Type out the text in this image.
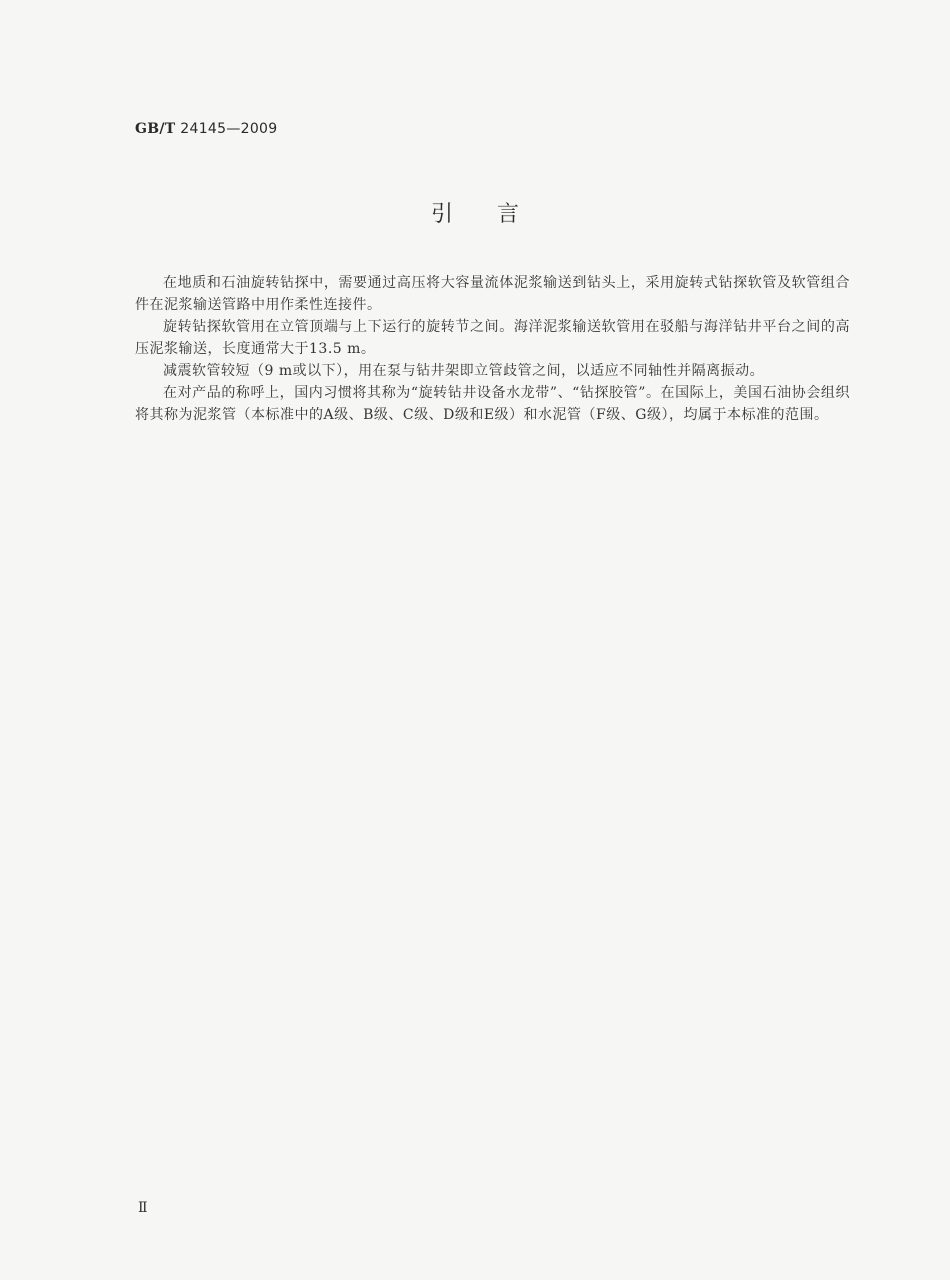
GB/T 24145—2009
引言

在地质和石油旋转钻探中，需要通过高压将大容量流体泥浆输送到钻头上，采用旋转式钻探软管及软管组合件在泥浆输送管路中用作柔性连接件。

旋转钻探软管用在立管顶端与上下运行的旋转节之间。海洋泥浆输送软管用在驳船与海洋钻井平台之间的高压泥浆输送，长度通常大于13.5 m。

减震软管较短（9 m或以下），用在泵与钻井架即立管歧管之间，以适应不同轴性并隔离振动。

在对产品的称呼上，国内习惯将其称为“旋转钻井设备水龙带”、“钻探胶管”。在国际上，美国石油协会组织将其称为泥浆管（本标准中的A级、B级、C级、D级和E级）和水泥管（F级、G级），均属于本标准的范围。

Ⅱ
